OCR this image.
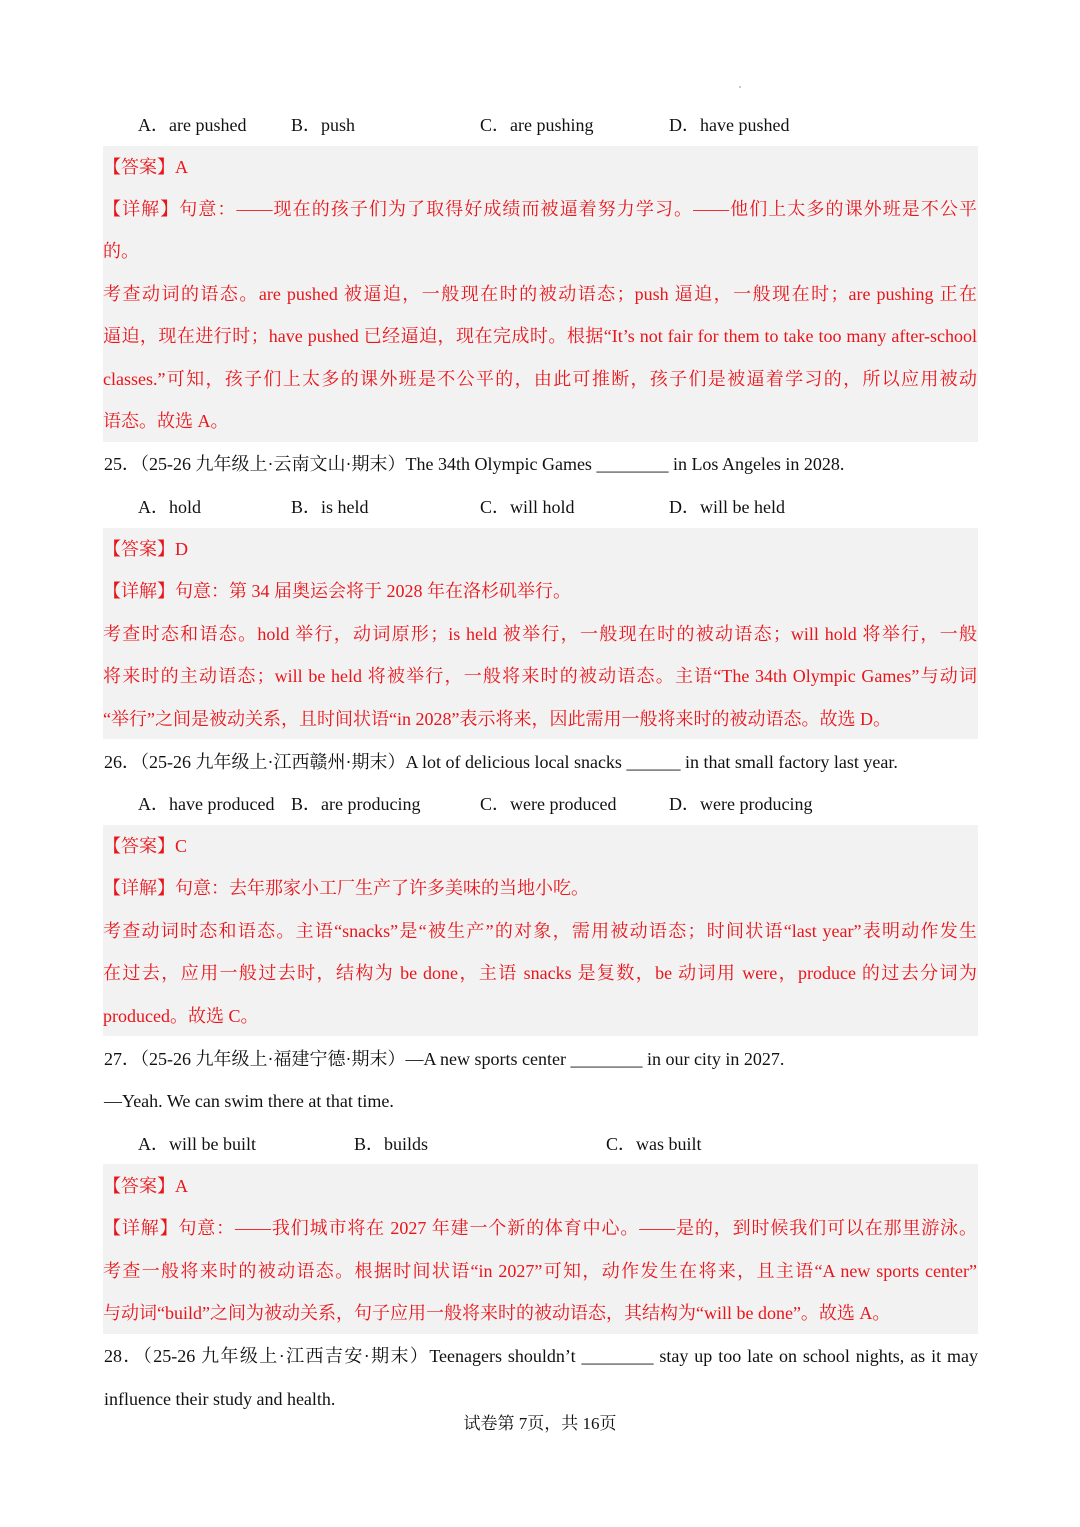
A．are pushed B．push	C．are pushing	D．have pushed
【答案】A
【详解】句意：——现在的孩子们为了取得好成绩而被逼着努力学习。——他们上太多的课外班是不公平
的。
考查动词的语态。are pushed 被逼迫，一般现在时的被动语态；push 逼迫，一般现在时；are pushing 正在
逼迫，现在进行时；have pushed 已经逼迫，现在完成时。根据“It’s not fair for them to take too many after-school
classes.”可知，孩子们上太多的课外班是不公平的，由此可推断，孩子们是被逼着学习的，所以应用被动
语态。故选 A。
25．（25-26 九年级上·云南文山·期末）The 34th Olympic Games ________ in Los Angeles in 2028.
A．hold	B．is held	C．will hold	D．will be held
【答案】D
【详解】句意：第 34 届奥运会将于 2028 年在洛杉矶举行。
考查时态和语态。hold 举行，动词原形；is held 被举行，一般现在时的被动语态；will hold 将举行，一般
将来时的主动语态；will be held 将被举行，一般将来时的被动语态。主语“The 34th Olympic Games”与动词
“举行”之间是被动关系，且时间状语“in 2028”表示将来，因此需用一般将来时的被动语态。故选 D。
26．（25-26 九年级上·江西赣州·期末）A lot of delicious local snacks ______ in that small factory last year.
A．have produced B．are producing	C．were produced	D．were producing
【答案】C
【详解】句意：去年那家小工厂生产了许多美味的当地小吃。
考查动词时态和语态。主语“snacks”是“被生产”的对象，需用被动语态；时间状语“last year”表明动作发生
在过去，应用一般过去时，结构为 be done，主语 snacks 是复数，be 动词用 were，produce 的过去分词为
produced。故选 C。
27．（25-26 九年级上·福建宁德·期末）—A new sports center ________ in our city in 2027.
—Yeah. We can swim there at that time.
A．will be built	B．builds	C．was built
【答案】A
【详解】句意：——我们城市将在 2027 年建一个新的体育中心。——是的，到时候我们可以在那里游泳。
考查一般将来时的被动语态。根据时间状语“in 2027”可知，动作发生在将来，且主语“A new sports center”
与动词“build”之间为被动关系，句子应用一般将来时的被动语态，其结构为“will be done”。故选 A。
28．（25-26 九年级上·江西吉安·期末）Teenagers shouldn’t ________ stay up too late on school nights, as it may
influence their study and health.
试卷第 7页，共 16页
